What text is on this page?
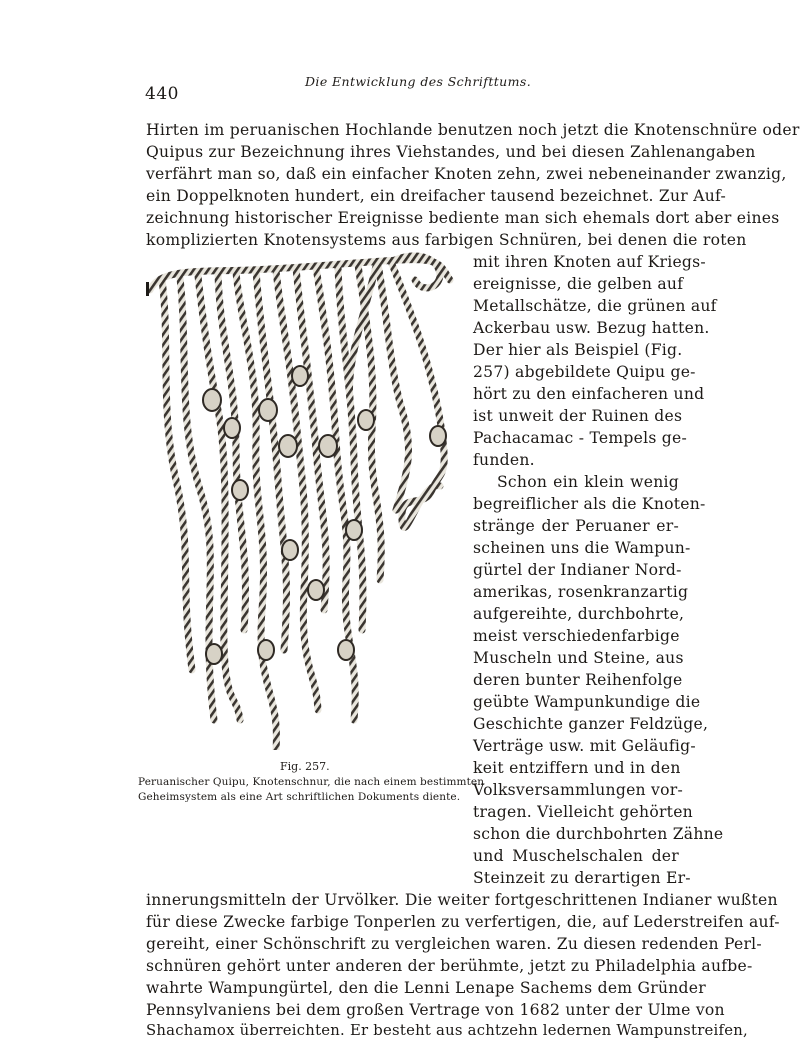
440
Die Entwicklung des Schrifttums.
Hirten im peruanischen Hochlande benutzen noch jetzt die Knotenschnüre oder
Quipus zur Bezeichnung ihres Viehstandes, und bei diesen Zahlenangaben
verfährt man so, daß ein einfacher Knoten zehn, zwei nebeneinander zwanzig,
ein Doppelknoten hundert, ein dreifacher tausend bezeichnet. Zur Auf-
zeichnung historischer Ereignisse bediente man sich ehemals dort aber eines
komplizierten Knotensystems aus farbigen Schnüren, bei denen die roten
mit ihren Knoten auf Kriegs-
ereignisse, die gelben auf
Metallschätze, die grünen auf
Ackerbau usw. Bezug hatten.
Der hier als Beispiel (Fig.
257) abgebildete Quipu ge-
hört zu den einfacheren und
ist unweit der Ruinen des
Pachacamac - Tempels ge-
funden.
Schon ein klein wenig
begreiflicher als die Knoten-
stränge der Peruaner er-
scheinen uns die Wampun-
gürtel der Indianer Nord-
amerikas, rosenkranzartig
aufgereihte, durchbohrte,
meist verschiedenfarbige
Muscheln und Steine, aus
deren bunter Reihenfolge
geübte Wampunkundige die
Geschichte ganzer Feldzüge,
Verträge usw. mit Geläufig-
keit entziffern und in den
Volksversammlungen vor-
tragen. Vielleicht gehörten
schon die durchbohrten Zähne
und Muschelschalen der
Steinzeit zu derartigen Er-
innerungsmitteln der Urvölker. Die weiter fortgeschrittenen Indianer wußten
für diese Zwecke farbige Tonperlen zu verfertigen, die, auf Lederstreifen auf-
gereiht, einer Schönschrift zu vergleichen waren. Zu diesen redenden Perl-
schnüren gehört unter anderen der berühmte, jetzt zu Philadelphia aufbe-
wahrte Wampungürtel, den die Lenni Lenape Sachems dem Gründer
Pennsylvaniens bei dem großen Vertrage von 1682 unter der Ulme von
Shachamox überreichten. Er besteht aus achtzehn ledernen Wampunstreifen,
Fig. 257.
Peruanischer Quipu, Knotenschnur, die nach einem bestimmten
Geheimsystem als eine Art schriftlichen Dokuments diente.
